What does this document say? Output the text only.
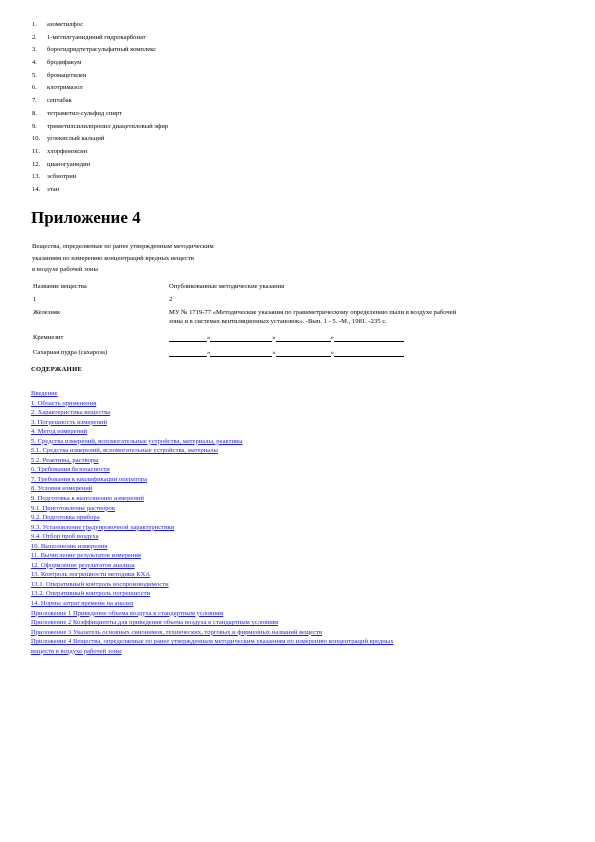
1. азометилфос
2. 1-метилгуанидиний гидрокарбонат
3. борогидридтетрасульфатный комплекс
4. бродифакум
5. бромацетилен
6. клотримазол
7. септабак
8. тетраметил-сульфид спирт
9. триметилсилилпропил диацетиловый эфир
10. углекислый кальций
11. хлорфеноксин
12. цианогуанидин
13. эсбиотрин
14. этан
Приложение 4
Вещества, определяемые по ранее утвержденным методическим
указаниям по измерению концентраций вредных веществ
в воздухе рабочей зоны
Название вещества	Опубликованные методические указания
1	2
Железняк	МУ № 1719-77 «Методические указания по гравиметрическому определению пыли в воздухе рабочей
зоны и в системах вентиляционных установок». -Вып. 1 - 5. -М., 1981. -235 с.

Кремнезит	» » »
Сахарная пудра (сахароза)	» » »
СОДЕРЖАНИЕ
Введение
1. Область применения
2. Характеристика вещества
3. Погрешность измерений
4. Метод измерений
5. Средства измерений, вспомогательные устройства, материалы, реактивы
5.1. Средства измерений, вспомогательные устройства, материалы
5.2. Реактивы, растворы
6. Требования безопасности
7. Требования к квалификации оператора
8. Условия измерений
9. Подготовка к выполнению измерений
9.1. Приготовление растворов
9.2. Подготовка прибора
9.3. Установление градуировочной характеристики
9.4. Отбор проб воздуха
10. Выполнение измерения
11. Вычисление результатов измерения
12. Оформление результатов анализа
13. Контроль погрешности методики КХА
13.1. Оперативный контроль воспроизводимости
13.2. Оперативный контроль погрешности
14. Нормы затрат времени на анализ
Приложение 1 Приведение объема воздуха к стандартным условиям
Приложение 2 Коэффициенты для приведения объема воздуха к стандартным условиям
Приложение 3 Указатель основных синонимов, технических, торговых и фирменных названий веществ
Приложение 4 Вещества, определяемые по ранее утвержденным методическим указаниям по измерению концентраций вредных
веществ в воздухе рабочей зоны
